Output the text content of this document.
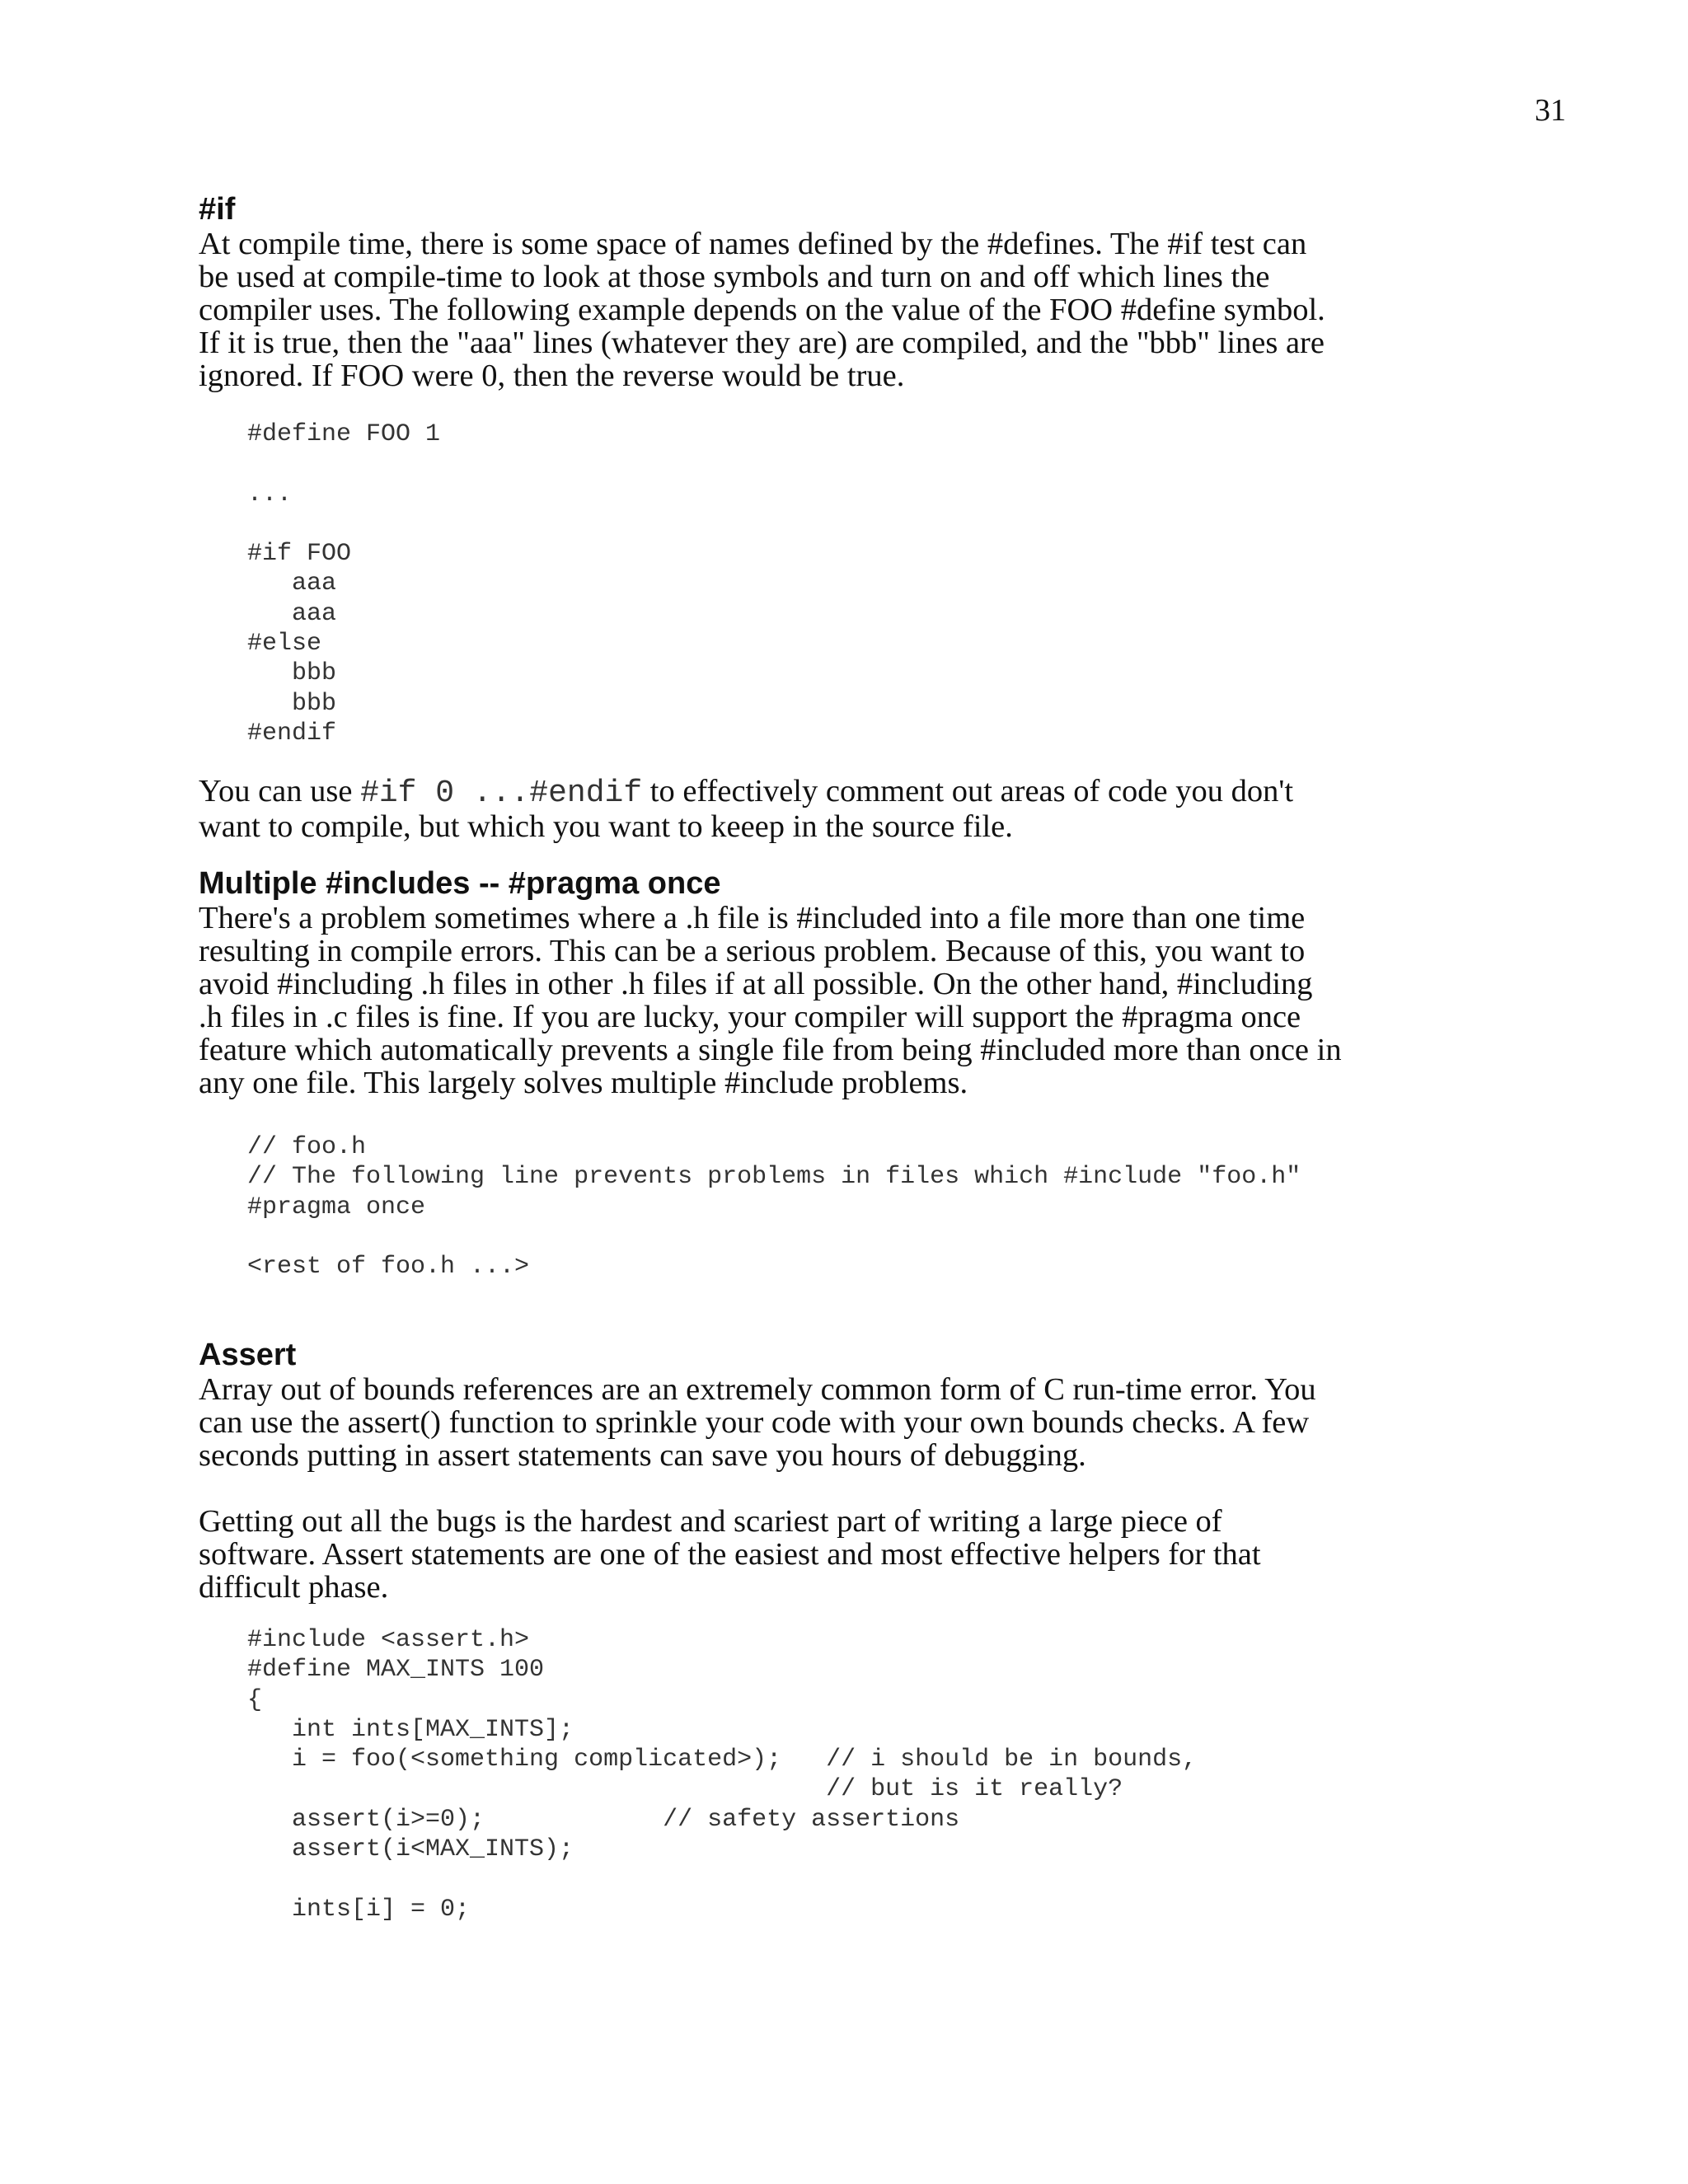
31
#if

At compile time, there is some space of names defined by the #defines. The #if test can
be used at compile-time to look at those symbols and turn on and off which lines the
compiler uses. The following example depends on the value of the FOO #define symbol.
If it is true, then the "aaa" lines (whatever they are) are compiled, and the "bbb" lines are
ignored. If FOO were 0, then the reverse would be true.

#define FOO 1

...

#if FOO
aaa
aaa
#else
bbb
bbb
#endif

You can use #if 0 ...#endif to effectively comment out areas of code you don't
want to compile, but which you want to keeep in the source file.

Multiple #includes -- #pragma once

There's a problem sometimes where a .h file is #included into a file more than one time
resulting in compile errors. This can be a serious problem. Because of this, you want to
avoid #including .h files in other .h files if at all possible. On the other hand, #including
.h files in .c files is fine. If you are lucky, your compiler will support the #pragma once
feature which automatically prevents a single file from being #included more than once in
any one file. This largely solves multiple #include problems.

// foo.h
// The following line prevents problems in files which #include "foo.h"
#pragma once

<rest of foo.h ...>
Assert

Array out of bounds references are an extremely common form of C run-time error. You
can use the assert() function to sprinkle your code with your own bounds checks. A few
seconds putting in assert statements can save you hours of debugging.

Getting out all the bugs is the hardest and scariest part of writing a large piece of
software. Assert statements are one of the easiest and most effective helpers for that
difficult phase.

#include <assert.h>
#define MAX_INTS 100
{
int ints[MAX_INTS];
i = foo(<something complicated>);   // i should be in bounds,
// but is it really?
assert(i>=0);            // safety assertions
assert(i<MAX_INTS);

ints[i] = 0;
